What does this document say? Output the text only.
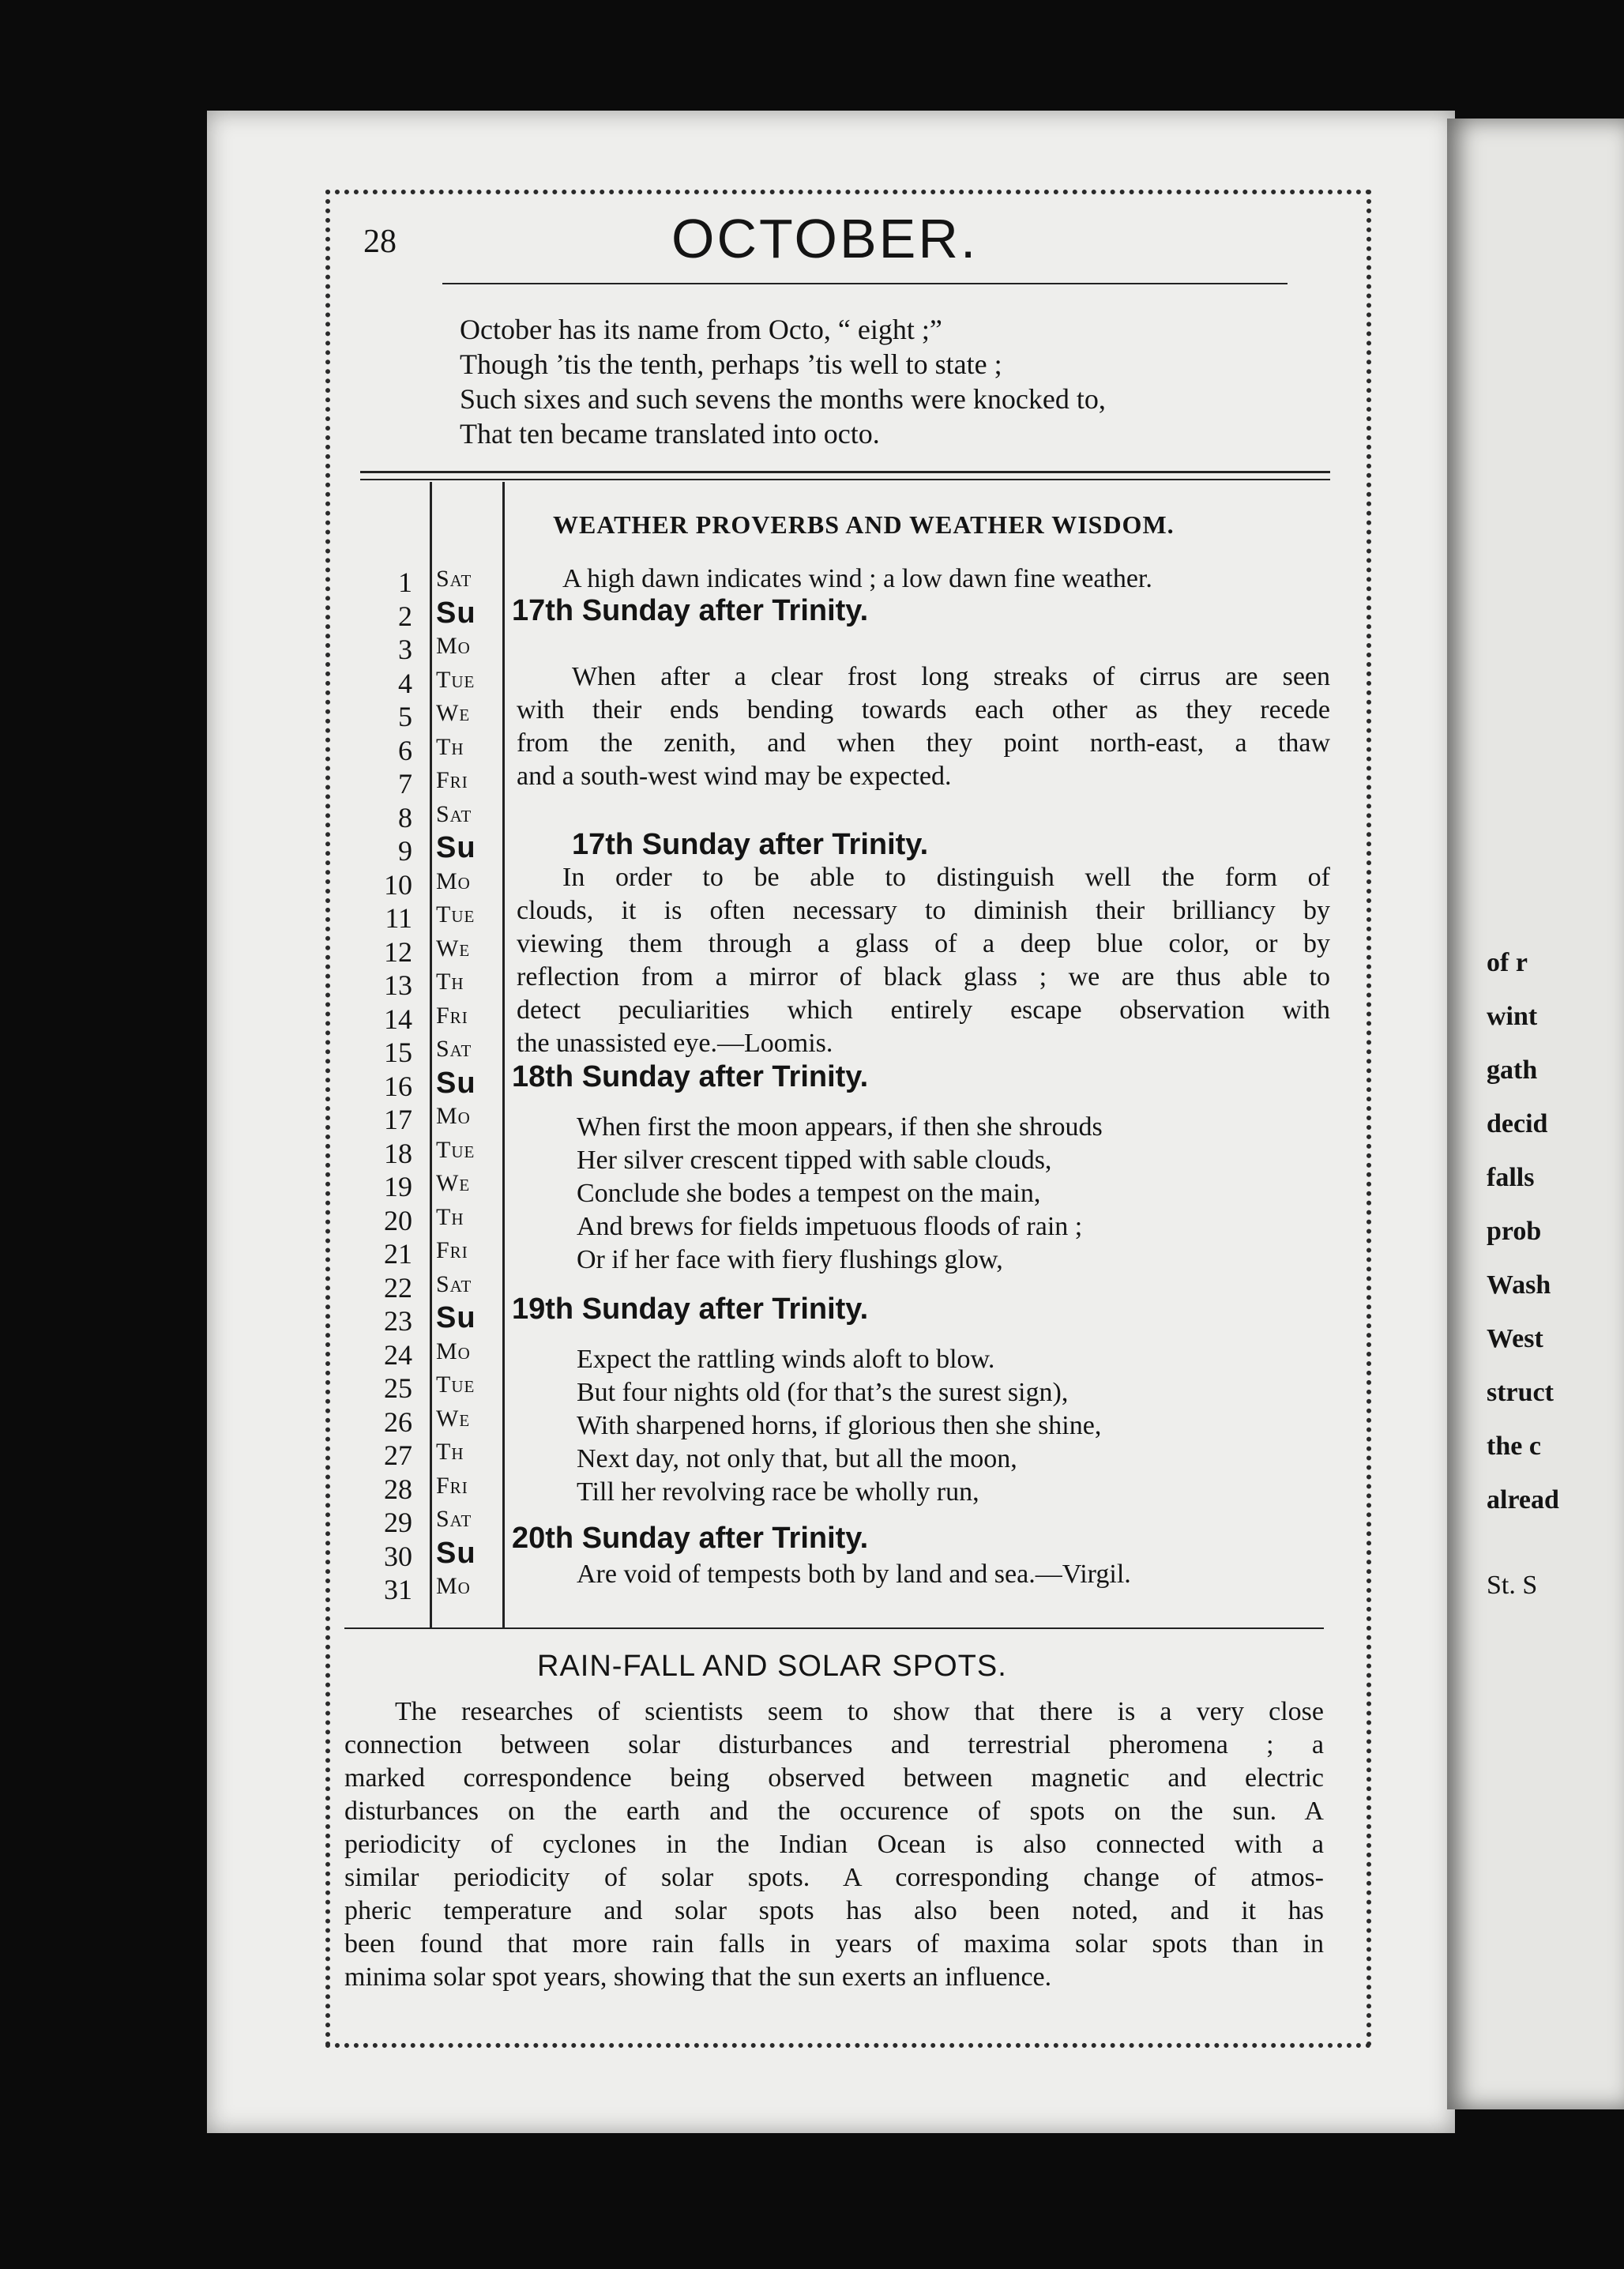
of r
wint
gath
decid
falls
prob
Wash
West
struct
the c
alread
St. S
28	OCTOBER.
October has its name from Octo, “ eight ;”
Though ’tis the tenth, perhaps ’tis well to state ;
Such sixes and such sevens the months were knocked to,
That ten became translated into octo.
WEATHER PROVERBS AND WEATHER WISDOM.
1 Sat
2 Su
3 Mo
4 Tue
5 We
6 Th
7 Fri
8 Sat
9 Su
10 Mo
11 Tue
12 We
13 Th
14 Fri
15 Sat
16 Su
17 Mo
18 Tue
19 We
20 Th
21 Fri
22 Sat
23 Su
24 Mo
25 Tue
26 We
27 Th
28 Fri
29 Sat
30 Su
31 Mo
A high dawn indicates wind ; a low dawn fine weather.
17th Sunday after Trinity.
When after a clear frost long streaks of cirrus are seen
with their ends bending towards each other as they recede
from the zenith, and when they point north-east, a thaw
and a south-west wind may be expected.
17th Sunday after Trinity.
In order to be able to distinguish well the form of
clouds, it is often necessary to diminish their brilliancy by
viewing them through a glass of a deep blue color, or by
reflection from a mirror of black glass ; we are thus able to
detect peculiarities which entirely escape observation with
the unassisted eye.—Loomis.
18th Sunday after Trinity.
When first the moon appears, if then she shrouds
Her silver crescent tipped with sable clouds,
Conclude she bodes a tempest on the main,
And brews for fields impetuous floods of rain ;
Or if her face with fiery flushings glow,
19th Sunday after Trinity.
Expect the rattling winds aloft to blow.
But four nights old (for that’s the surest sign),
With sharpened horns, if glorious then she shine,
Next day, not only that, but all the moon,
Till her revolving race be wholly run,
20th Sunday after Trinity.
Are void of tempests both by land and sea.—Virgil.
RAIN-FALL AND SOLAR SPOTS.
The researches of scientists seem to show that there is a very close
connection between solar disturbances and terrestrial pheromena ; a
marked correspondence being observed between magnetic and electric
disturbances on the earth and the occurence of spots on the sun. A
periodicity of cyclones in the Indian Ocean is also connected with a
similar periodicity of solar spots. A corresponding change of atmos-
pheric temperature and solar spots has also been noted, and it has
been found that more rain falls in years of maxima solar spots than in
minima solar spot years, showing that the sun exerts an influence.
